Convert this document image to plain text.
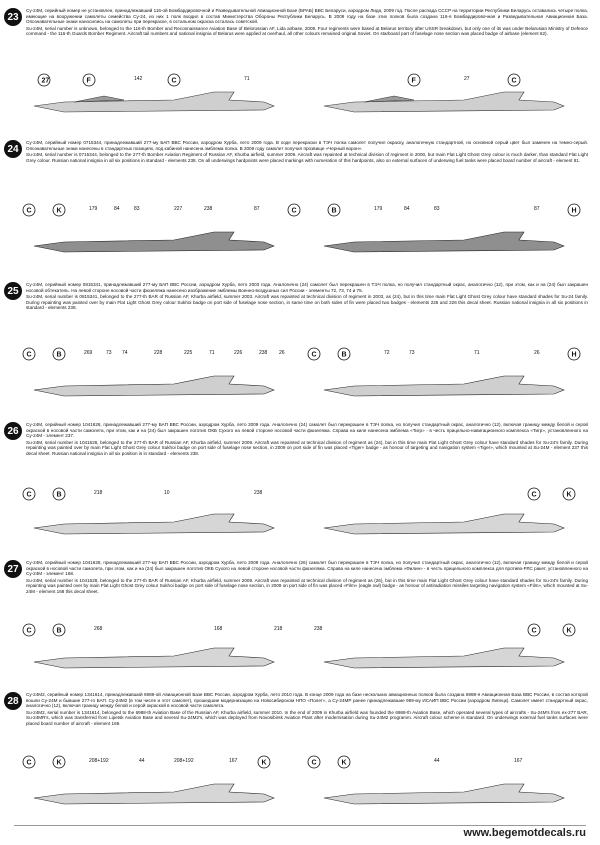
23

Су-24М, серийный номер не установлен, принадлежавший 116-ой Бомбардировочной и Разведывательной Авиационной Базе (БРАБ) ВВС Беларуси, аэродром Лида, 2009 год. После распада СССР на территории Республики Беларусь оставались четыре полка, имеющие на вооружении самолеты семейства Су-24, из них 1 полк входил в состав Министерства Обороны Республики Беларусь. В 2009 году на базе этих полков была создана 116-я Бомбардировочная и Разведывательная Авиационная База. Опознавательные знаки наносились на самолеты при перекраске, в остальном окраска осталась советской.

Su-24M, serial number is unknown, belonged to the 116-th Bomber and Reconnaissance Aviation Base of Belorussian AF, Lida airbase, 2009. Four regiments were based at Belarus territory after USSR breakdown, but only one of its was under Belarusian Ministry of Defence command - the 116-th Guards Bomber Regiment. Aircraft tail numbers and national insignia of Belarus were applied at overhaul, all other colours remained original Soviet. On starboard part of fuselage nose section was placed badge of airbase (element 62).

27	F	C	F	C
142	71	27
24

Су-24М, серийный номер 0715344, принадлежавший 277-му БАП ВВС России, аэродром Хурба, лето 2009 года. В ходе перекраски в ТЭЧ полка самолет получил окраску, аналогичную стандартной, но основной серый цвет был заменен на темно-серый. Опознавательные знаки нанесены в стандартных позициях, под кабиной нанесена эмблема полка. В 2009 году самолет получил прозвище «Черный ворон».

Su-24M, serial number is 0715344, belonged to the 277-th Bomber Aviation Regiment of Russian AF, Khurba airfield, summer 2009. Aircraft was repainted at technical division of regiment in 2000, but main Flat Light Ghost Grey colour is much darker, than standard Flat Light Grey colour. Russian national insignia in all six positions in standard - elements 238. On all underwings hardpoints were placed markings with numeration of this hardpoints, also on external surfaces of underwing fuel tanks were placed board number of aircraft - element 81.

C	K	C	B	H
179	84	83	227	238	87	179	84	83	87
25

Су-24М, серийный номер 0815341, принадлежавший 277-му БАП ВВС России, аэродром Хурба, лето 2003 года. Аналогично (24) самолет был перекрашен в ТЭЧ полка, но получил стандартный окрас, аналогично (12), при этом, как и на (24) был закрашен носовой обтекатель. На левой стороне носовой части фюзеляжа нанесено изображение эмблемы Военно-воздушных сил России - элементы 72, 73, 74 и 75.

Su-24M, serial number is 0815341, belonged to the 277-th BAR of Russian AF, Khurba airfield, summer 2003. Aircraft was repainted at technical division of regiment in 2003, as (24), but in this time main Flat Light Ghost Grey colour have standard shades for Su-24 family. During repainting was painted over by main Flat Light Ghost Grey colour Sukhoi badge on port side of fuselage nose section, in same time on both sides of fin were placed two badges - elements 225 and 226 this decal sheet. Russian national insignia in all six positions in standard - elements 238.

C	B	C	B	H
269	73 74	228	225	71	226	238 26	72	73	71	26
26

Су-24М, серийный номер 1041626, принадлежавший 277-му БАП ВВС России, аэродром Хурба, лето 2009 года. Аналогично (24) самолет был перекрашен в ТЭЧ полка, но получил стандартный окрас, аналогично (12), включая границу между белой и серой окраской в носовой части самолета, при этом, как и на (24) был закрашен логотип ОКБ Сухого на левой стороне носовой части фюзеляжа. Справа на киле нанесена эмблема «Тигр» - в честь прицельно-навигационного комплекса «Тигр», установленного на Су-24М - элемент 237.

Su-24M, serial number is 1041626, belonged to the 277-th BAR of Russian AF, Khurba airfield, summer 2009. Aircraft was repainted at technical division of regiment as (24), but in this time main Flat Light Ghost Grey colour have standard shades for Su-24's family. During repainting was painted over by main Flat Light Ghost Grey colour Sukhoi badge on port side of fuselage nose section, in 2009 on port side of fin was placed «Tiger» badge - as honour of targeting and navigation system «Tiger», which mounted at Su-24M - element 237 this decal sheet. Russian national insignia in all six position is in standard - elements 238.

C	B	C	K
218	10	238
27

Су-24М, серийный номер 1041628, принадлежавший 277-му БАП ВВС России, аэродром Хурба, лето 2009 года. Аналогично (26) самолет был перекрашен в ТЭЧ полка, но получил стандартный окрас, аналогично (12), включая границу между белой и серой окраской в носовой части самолета, при этом, как и на (24) был закрашен логотип ОКБ Сухого на левой стороне носовой части фюзеляжа. Справа на киле нанесена эмблема «Филин» - в честь прицельного комплекса для противо-РЛС ракет, установленного на Су-24М - элемент 168.

Su-24M, serial number is 1041628, belonged to the 277-th BAR of Russian AF, Khurba airfield, summer 2009. Aircraft was repainted at technical division of regiment as (26), but in this time main Flat Light Ghost Grey colour have standard shades for Su-24's family. During repainting was painted over by main Flat Light Ghost Grey colour Sukhoi badge on port side of fuselage nose section, in 2009 on port side of fin was placed «Film» (eagle owl) badge - as honour of antiradiation missiles targeting navigation system «Film», which mounted at Su-24M - element 168 this decal sheet.

C	B	C	K
268	168	218	238
28

Су-24М2, серийный номер 1341614, принадлежавший 6988-ой Авиационной Базе ВВС России, аэродром Хурба, лето 2010 года. В конце 2009 года на базе нескольких авиационных полков была создана 6988-я Авиационная База ВВС России, в состав которой вошли Су-24М и бывшие 277-го БАП. Су-24М2 (в том числе и этот самолет), прошедшие модернизацию на Новосибирском НПО «Полет», а Су-24МР ранее принадлежавшие 969-му ИСАИП ВВС России (аэродром Липецк). Самолет имеет стандартный окрас, аналогично (12), включая границу между белой и серой окраской в носовой части самолета.

Su-24M2, serial number is 1341614, belonged to the 6988-th Aviation Base of the Russian AF, Khurba airfield, summer 2010. In the end of 2009 in Khurba airfield was founded the 6988-th Aviation Base, which operated several types of aircrafts - Su-24M's from ex-277 BAR, Su-24MR's, which was transferred from Lipetsk Aviation Base and several Su-24M2's, which was deployed from Novosibirsk Aviation Plant after modernisation during Su-24M2 programm. Aircraft colour scheme is standard. On underwings external fuel tanks surfaces were placed board number of aircraft - element 169.

C	K	K	C	K
208+192	44	208+192	167	44	167
www.begemotdecals.ru
